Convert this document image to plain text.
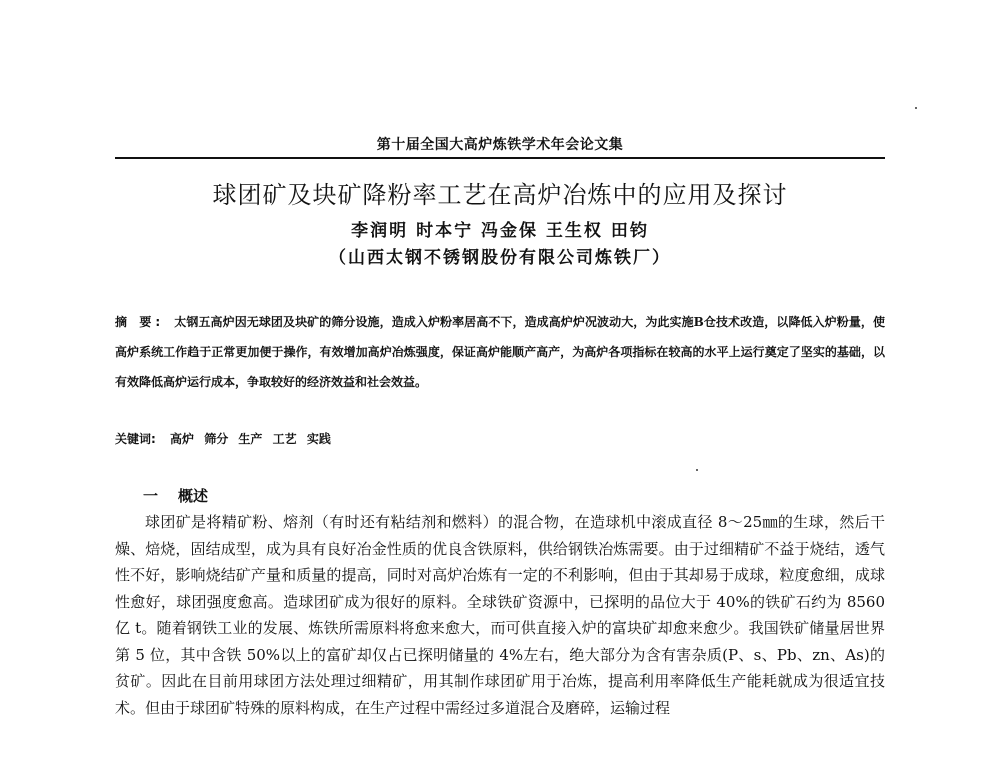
第十届全国大高炉炼铁学术年会论文集
球团矿及块矿降粉率工艺在高炉冶炼中的应用及探讨
李润明 时本宁 冯金保 王生权 田钧
（山西太钢不锈钢股份有限公司炼铁厂）
摘 要: 太钢五高炉因无球团及块矿的筛分设施，造成入炉粉率居高不下，造成高炉炉况波动大，为此实施B仓技术改造，以降低入炉粉量，使高炉系统工作趋于正常更加便于操作，有效增加高炉冶炼强度，保证高炉能顺产高产，为高炉各项指标在较高的水平上运行奠定了坚实的基础，以有效降低高炉运行成本，争取较好的经济效益和社会效益。
关键词: 高炉 筛分 生产 工艺 实践
一 概述
球团矿是将精矿粉、熔剂（有时还有粘结剂和燃料）的混合物，在造球机中滚成直径 8～25㎜的生球，然后干燥、焙烧，固结成型，成为具有良好冶金性质的优良含铁原料，供给钢铁冶炼需要。由于过细精矿不益于烧结，透气性不好，影响烧结矿产量和质量的提高，同时对高炉冶炼有一定的不利影响，但由于其却易于成球，粒度愈细，成球性愈好，球团强度愈高。造球团矿成为很好的原料。全球铁矿资源中，已探明的品位大于 40%的铁矿石约为 8560 亿 t。随着钢铁工业的发展、炼铁所需原料将愈来愈大，而可供直接入炉的富块矿却愈来愈少。我国铁矿储量居世界第 5 位，其中含铁 50%以上的富矿却仅占已探明储量的 4%左右，绝大部分为含有害杂质(P、s、Pb、zn、As)的贫矿。因此在目前用球团方法处理过细精矿，用其制作球团矿用于冶炼，提高利用率降低生产能耗就成为很适宜技术。但由于球团矿特殊的原料构成，在生产过程中需经过多道混合及磨碎，运输过程
